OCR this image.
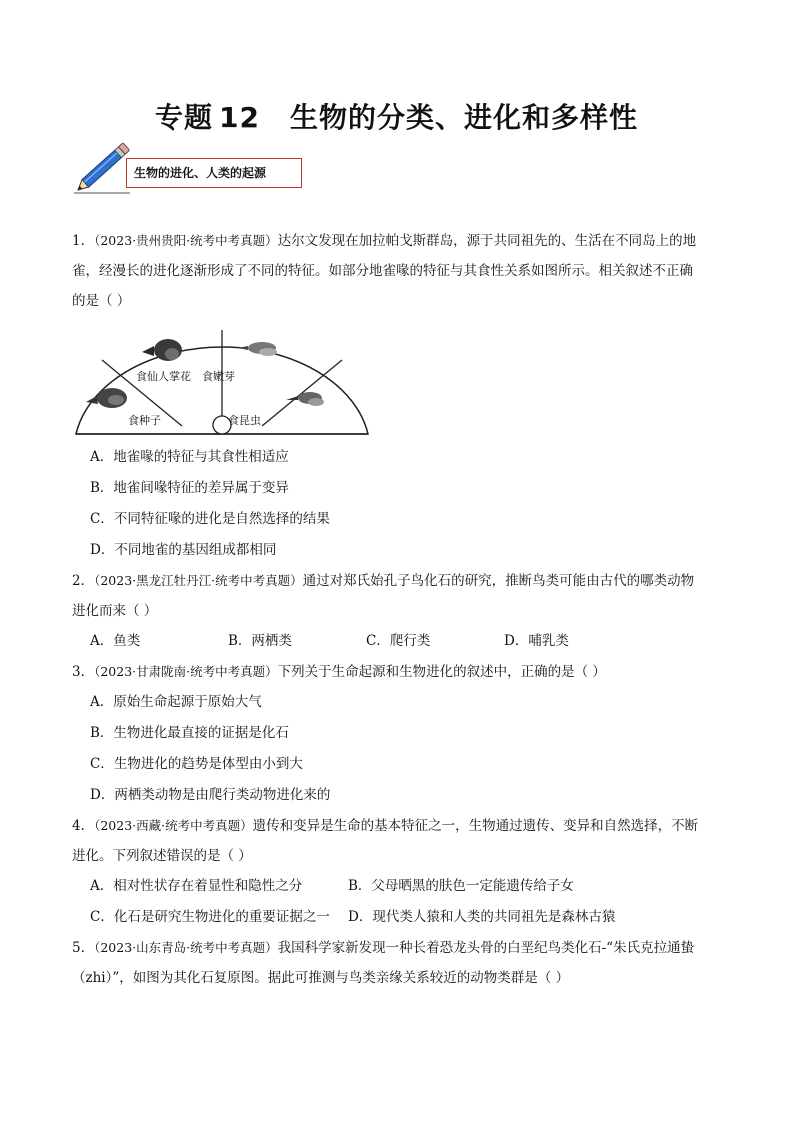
专题 12 生物的分类、进化和多样性
生物的进化、人类的起源
1．（2023·贵州贵阳·统考中考真题）达尔文发现在加拉帕戈斯群岛，源于共同祖先的、生活在不同岛上的地
雀，经漫长的进化逐渐形成了不同的特征。如部分地雀喙的特征与其食性关系如图所示。相关叙述不正确
的是（ ）
食种子
食仙人掌花 食嫩芽
食昆虫
A．地雀喙的特征与其食性相适应
B．地雀间喙特征的差异属于变异
C．不同特征喙的进化是自然选择的结果
D．不同地雀的基因组成都相同
2．（2023·黑龙江牡丹江·统考中考真题）通过对郑氏始孔子鸟化石的研究，推断鸟类可能由古代的哪类动物
进化而来（ ）
A．鱼类	B．两栖类	C．爬行类	D．哺乳类
3．（2023·甘肃陇南·统考中考真题）下列关于生命起源和生物进化的叙述中，正确的是（ ）
A．原始生命起源于原始大气
B．生物进化最直接的证据是化石
C．生物进化的趋势是体型由小到大
D．两栖类动物是由爬行类动物进化来的
4．（2023·西藏·统考中考真题）遗传和变异是生命的基本特征之一，生物通过遗传、变异和自然选择，不断
进化。下列叙述错误的是（ ）
A．相对性状存在着显性和隐性之分	B．父母晒黑的肤色一定能遗传给子女
C．化石是研究生物进化的重要证据之一	D．现代类人猿和人类的共同祖先是森林古猿
5．（2023·山东青岛·统考中考真题）我国科学家新发现一种长着恐龙头骨的白垩纪鸟类化石-“朱氏克拉通蛰
（zhi）”，如图为其化石复原图。据此可推测与鸟类亲缘关系较近的动物类群是（ ）
